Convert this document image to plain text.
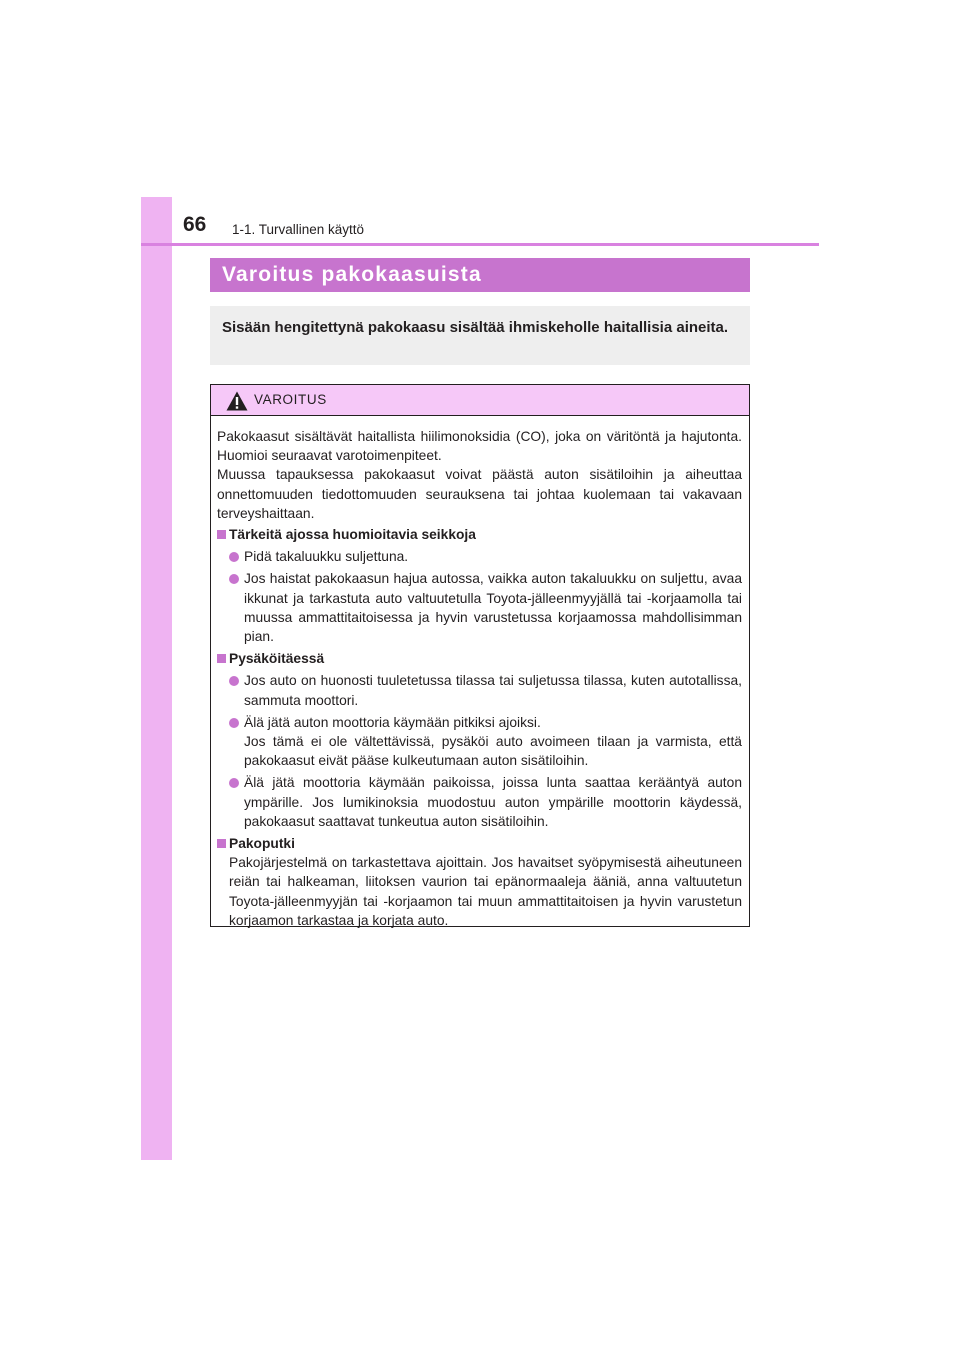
66 1-1. Turvallinen käyttö
Varoitus pakokaasuista

Sisään hengitettynä pakokaasu sisältää ihmiskeholle haitallisia aineita.

VAROITUS

Pakokaasut sisältävät haitallista hiilimonoksidia (CO), joka on väritöntä ja hajutonta. Huomioi seuraavat varotoimenpiteet.

Muussa tapauksessa pakokaasut voivat päästä auton sisätiloihin ja aiheuttaa onnettomuuden tiedottomuuden seurauksena tai johtaa kuolemaan tai vakavaan terveyshaittaan.

Tärkeitä ajossa huomioitavia seikkoja
Pidä takaluukku suljettuna.
Jos haistat pakokaasun hajua autossa, vaikka auton takaluukku on suljettu, avaa ikkunat ja tarkastuta auto valtuutetulla Toyota-jälleenmyyjällä tai -korjaamolla tai muussa ammattitaitoisessa ja hyvin varustetussa korjaamossa mahdollisimman pian.
Pysäköitäessä
Jos auto on huonosti tuuletetussa tilassa tai suljetussa tilassa, kuten autotallissa, sammuta moottori.
Älä jätä auton moottoria käymään pitkiksi ajoiksi.
Jos tämä ei ole vältettävissä, pysäköi auto avoimeen tilaan ja varmista, että pakokaasut eivät pääse kulkeutumaan auton sisätiloihin.
Älä jätä moottoria käymään paikoissa, joissa lunta saattaa kerääntyä auton ympärille. Jos lumikinoksia muodostuu auton ympärille moottorin käydessä, pakokaasut saattavat tunkeutua auton sisätiloihin.
Pakoputki
Pakojärjestelmä on tarkastettava ajoittain. Jos havaitset syöpymisestä aiheutuneen reiän tai halkeaman, liitoksen vaurion tai epänormaaleja ääniä, anna valtuutetun Toyota-jälleenmyyjän tai -korjaamon tai muun ammattitaitoisen ja hyvin varustetun korjaamon tarkastaa ja korjata auto.
